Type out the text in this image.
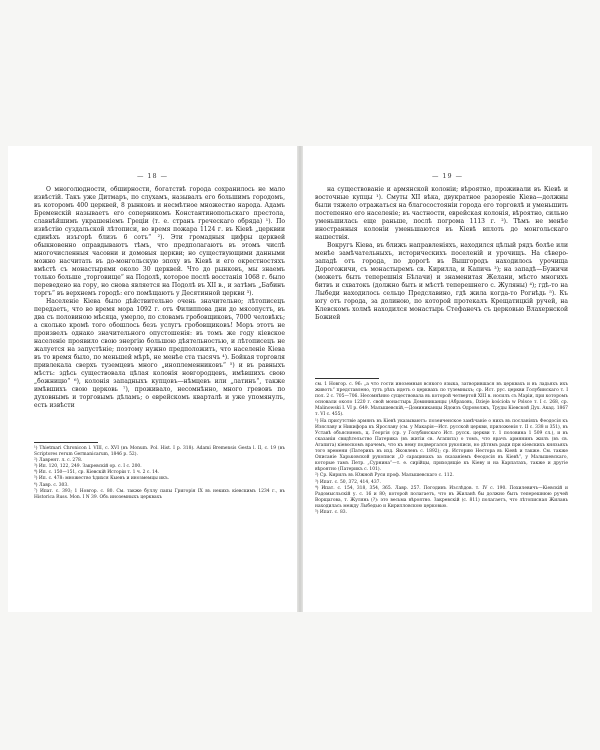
— 18 —

О многолюдности, обширности, богатствѣ города сохранилось не мало извѣстій. Такъ уже Дитмаръ, по слухамъ, называлъ его большимъ городомъ, въ которомъ 400 церквей, 8 рынковъ и несмѣтное множество народа. Адамъ Бременскій называетъ его соперникомъ Константинопольскаго престола, славнѣйшимъ украшеніемъ Греціи (т. е. странъ греческаго обряда) ¹). По извѣстію суздальской лѣтописи, во время пожара 1124 г. въ Кіевѣ „церквии єдинѣхъ изъгорѣ близъ 6 сотъ“ ²). Эти громадныя цифры церквей обыкновенно оправдываютъ тѣмъ, что предполагаютъ въ этомъ числѣ многочисленныя часовни и домовыя церкви; но существующими данными можно насчитать въ до-монгольскую эпоху въ Кіевѣ и его окрестностяхъ вмѣстѣ съ монастырями около 30 церквей. Что до рынковъ, мы знаемъ только больше „торговище“ на Подолѣ, которое послѣ восстанія 1068 г. было переведено на гору, но снова является на Подолѣ въ XII в., и затѣмъ „Бабинъ торгъ“ въ верхнемъ городѣ: его помѣщаютъ у Десятинной церкви ³).

Населеніе Кіева было дѣйствительно очень значительно; лѣтописецъ передаетъ, что во время мора 1092 г. отъ Филиппова дни до мясопустъ, въ два съ половиною мѣсяца, умерло, по словамъ гробовщиковъ, 7000 человѣкъ; а сколько кромѣ того обошлось безъ услугъ гробовщиковъ! Моръ этотъ не произвелъ однако значительного опустошенія: въ томъ же году кіевское населеніе проявило свою энергію большою дѣятельностью, и лѣтописецъ не жалуется на запустѣніе; поэтому нужно предположить, что населеніе Кіева въ то время было, по меньшей мѣрѣ, не менѣе ста тысячъ ⁴). Бойкая торговля привлекала сверхъ туземцевъ много „иноплеменниковъ“ ⁵) и въ равныхъ мѣстъ: здѣсь существовала цѣлая колонія новгородцевъ, имѣвшихъ свою „божницю“ ⁶), колонія западныхъ купцовъ—нѣмцевъ или „латинъ“, также имѣвшихъ свою церковь ⁷), проживало, несомнѣнно, много гревовъ по духовнымъ и торговымъ дѣламъ; о еврейскомъ кварталѣ и уже упомянулъ, есть извѣсти

¹) Thietmari Chronicon l. VIII, c. XVI (въ Monum. Pol. Hist. I р. 318). Adami Bremensis Gesta l. II, c. 19 (въ Scriptores rerum Germanicarum, 1846 p. 52).
²) Лаврент. л. с. 278.
³) Ип. 120, 122, 249. Закревскій ор. с. І с. 200.
⁴) Ип. с. 150—151, ср. Кіевскій Исторіи т. 1 ч. 2 с. 14.
⁵) Ип. с. 478: множество ѣдихся Кыевъ и инозмемцы икъ.
⁶) Лавр. с. 303.
⁷) Ипат. с. 393; 1 Новгор. с. 80. См. также буллу папы Григорія IX въ некихъ кіевскимъ 1234 г., въ Historica Russ. Mon. I N 39. Объ иноземныхъ церквахъ
— 19 —

на существованіе и армянской колоніи; вѣроятно, проживали въ Кіевѣ и восточные купцы ¹). Смуты XII вѣка, двукратное разореніе Кіева—должны были тяжело отражаться на благосостояніи города его торговлѣ и уменьшить постепенно его населеніе; въ частности, еврейская колонія, вѣроятно, сильно уменьшилась еще раньше, послѣ погрома 1113 г. ²). Тѣмъ не менѣе иностранныя колоніи уменьшаются въ Кіевѣ вплоть до монгольскаго нашествія.

Вокругъ Кіева, въ ближъ направленіяхъ, находился цѣлый рядъ болѣе или менѣе замѣчательныхъ, историческихъ поселеній и урочищъ. На сѣверо-западѣ отъ города, по дорогѣ въ Вышгородъ находилось урочища Дорогожичи, съ монастыремъ св. Кирилла, и Капичь ³); на западѣ—Бужичи (можетъ быть теперешнія Бѣлачи) и знаменитая Желани, мѣсто многихъ битвъ и схватокъ (должно быть и мѣстѣ теперешнего с. Жуляны) ⁴); гдѣ-то на Лыбеди находилось сельцо Предславино, гдѣ жила когда-то Рогнѣдь ⁵). Къ югу отъ города, за долиною, по которой протекалъ Крещатицкій ручей, на Клевскомъ холмѣ находился монастырь Стефанечъ съ церковью Влахернской Божией

см. 1 Новгор. с. 96: „а что гости иноземныя всякого языка, затворившася въ церквахъ и въ ладьяхъ ихъ животъ“ представлено, тутъ рѣхъ идетъ о церквахъ по туземныхъ; ср. Ист. рус. церкви Голубинскаго т. І пол. 2 с. 705—706. Несомнѣнно существовала въ которой четвертой XIII в. носилъ съ Маріи, при которомъ основали около 1220 г. свой монастырь Доминиканцы (Абраховъ, Dzieje kościoła w Polsce т. I с. 268, ср. Malinowski I. VI p. 649. Малышевскій,—Доминиканцы Ядоизъ Одроволжъ, Труды Кіевской Дух. Акад. 1867 т. VI с. 455).
¹) На присутствіе армянъ въ Кіевѣ указываютъ: позеиченское замѣчаніе о нихъ въ посланіяхъ Феодосія къ Изяславу и Никифора къ Ярославу (см. у Макарія—Ист. русской церкви, приложенія т. II с. 338 и 351), въ Уставѣ объясняемъ, ц. Георгія (ср. у Голубинскаго Ист. русск. церкви т. 1 половина 1 509 сл.), и въ сказаніи свидѣтельство Патерика (въ житіи св. Агапита) о томъ, что врачъ армянинъ жилъ (въ св. Агапита) кіевоскомъ врачемъ, что къ нему подвергался рукописи, но дѣтямъ ради при кіевскихъ князьяхъ того времени (Патерикъ въ изд. Яковлевъ с. 1892); ср. Историю Нестора въ Кіевѣ и также. См. также Описаніе Харьковской рукописи „О сарацинахъ за сказаніемъ Феодосія въ Кіевѣ“, у Малышевскаго, которые тамъ Петр. „Сурнина“—т. е. сирійцы, приходящіе къ Кіеву и на Карпатахъ, также и другіе вѣроятно (Патерикъ с. 101).
²) Ср. Кирилъ въ Южной Руси проф. Малышевскаго с. 112.
³) Ипат. с. 50, 372, 414, 437.
⁴) Ипат. с. 154, 318, 354, 365. Лавр. 257. Погодинъ Изслѣдов. т. IV с. 190. Похилевичъ—Кіевскій и Радомысльскій у. с. 16 и 80; которой полагаетъ, что въ Жиланѣ бы должно быть теперешнюю ручей Ворщагова, т. Жулянь (?): это весьма вѣроятно. Закревскій (с. 811) полагаетъ, что лѣтописная Жилань находилась между Лыбедью и Кирилловскою церковью.
⁵) Ипат. с. 83.
